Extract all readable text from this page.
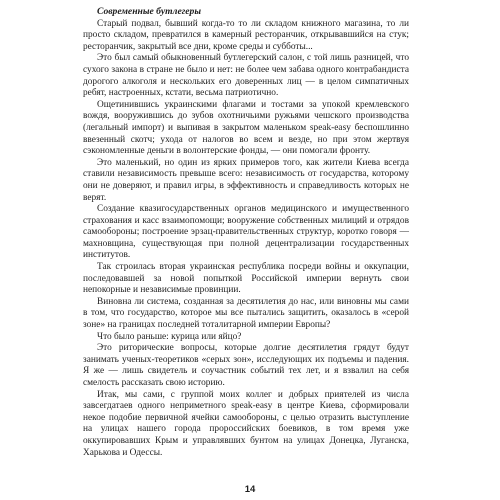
Современные бутлегеры

Старый подвал, бывший когда-то то ли складом книжного магазина, то ли просто складом, превратился в камерный ресторанчик, открывавшийся на стук; ресторанчик, закрытый все дни, кроме среды и субботы...

Это был самый обыкновенный бутлегерский салон, с той лишь разницей, что сухого закона в стране не было и нет: не более чем забава одного контрабандиста дорогого алкоголя и нескольких его доверенных лиц — в целом симпатичных ребят, настроенных, кстати, весьма патриотично.

Ощетинившись украинскими флагами и тостами за упокой кремлевского вождя, вооружившись до зубов охотничьими ружьями чешского производства (легальный импорт) и выпивая в закрытом маленьком speak-easy беспошлинно ввезенный скотч; ухода от налогов во всем и везде, но при этом жертвуя сэкономленные деньги в волонтерские фонды, — они помогали фронту.

Это маленький, но один из ярких примеров того, как жители Киева всегда ставили независимость превыше всего: независимость от государства, которому они не доверяют, и правил игры, в эффективность и справедливость которых не верят.

Создание квазигосударственных органов медицинского и имущественного страхования и касс взаимопомощи; вооружение собственных милиций и отрядов самообороны; построение эрзац-правительственных структур, коротко говоря — махновщина, существующая при полной децентрализации государственных институтов.

Так строилась вторая украинская республика посреди войны и оккупации, последовавшей за новой попыткой Российской империи вернуть свои непокорные и независимые провинции.

Виновна ли система, созданная за десятилетия до нас, или виновны мы сами в том, что государство, которое мы все пытались защитить, оказалось в «серой зоне» на границах последней тоталитарной империи Европы?

Что было раньше: курица или яйцо?

Это риторические вопросы, которые долгие десятилетия грядут будут занимать ученых-теоретиков «серых зон», исследующих их подъемы и падения. Я же — лишь свидетель и соучастник событий тех лет, и я взвалил на себя смелость рассказать свою историю.

Итак, мы сами, с группой моих коллег и добрых приятелей из числа завсегдатаев одного неприметного speak-easy в центре Киева, сформировали некое подобие первичной ячейки самообороны, с целью отразить выступление на улицах нашего города пророссийских боевиков, в том время уже оккупировавших Крым и управлявших бунтом на улицах Донецка, Луганска, Харькова и Одессы.

14
